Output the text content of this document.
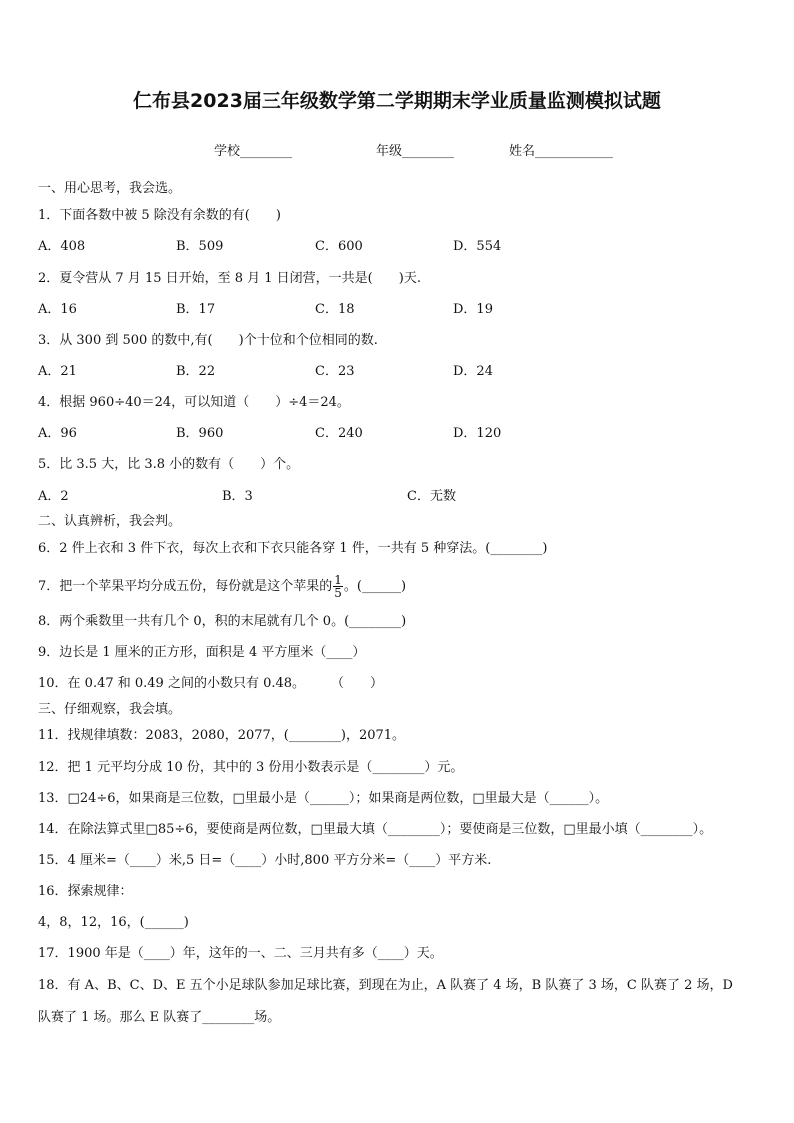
仁布县2023届三年级数学第二学期期末学业质量监测模拟试题
学校________	年级________	姓名____________
一、用心思考，我会选。
1．下面各数中被 5 除没有余数的有(　　)
A．408	B．509	C．600	D．554
2．夏令营从 7 月 15 日开始，至 8 月 1 日闭营，一共是(　　)天.
A．16	B．17	C．18	D．19
3．从 300 到 500 的数中,有(　　)个十位和个位相同的数.
A．21	B．22	C．23	D．24
4．根据 960÷40＝24，可以知道（　　）÷4＝24。
A．96	B．960	C．240	D．120
5．比 3.5 大，比 3.8 小的数有（　　）个。
A．2	B．3	C．无数
二、认真辨析，我会判。
6．2 件上衣和 3 件下衣，每次上衣和下衣只能各穿 1 件，一共有 5 种穿法。(________)
7．把一个苹果平均分成五份，每份就是这个苹果的 $\frac{1}{5}$ 。(______)
8．两个乘数里一共有几个 0，积的末尾就有几个 0。(________)
9．边长是 1 厘米的正方形，面积是 4 平方厘米（____）
10．在 0.47 和 0.49 之间的小数只有 0.48。　　　（　　）
三、仔细观察，我会填。
11．找规律填数：2083，2080，2077，(________)，2071。
12．把 1 元平均分成 10 份，其中的 3 份用小数表示是（________）元。
13．□24÷6，如果商是三位数，□里最小是（______）；如果商是两位数，□里最大是（______）。
14．在除法算式里□85÷6，要使商是两位数，□里最大填（________）；要使商是三位数，□里最小填（________）。
15．4 厘米=（____）米,5 日=（____）小时,800 平方分米=（____）平方米.
16．探索规律：
4，8，12，16，(______)
17．1900 年是（____）年，这年的一、二、三月共有多（____）天。
18．有 A、B、C、D、E 五个小足球队参加足球比赛，到现在为止，A 队赛了 4 场，B 队赛了 3 场，C 队赛了 2 场，D
队赛了 1 场。那么 E 队赛了________场。
